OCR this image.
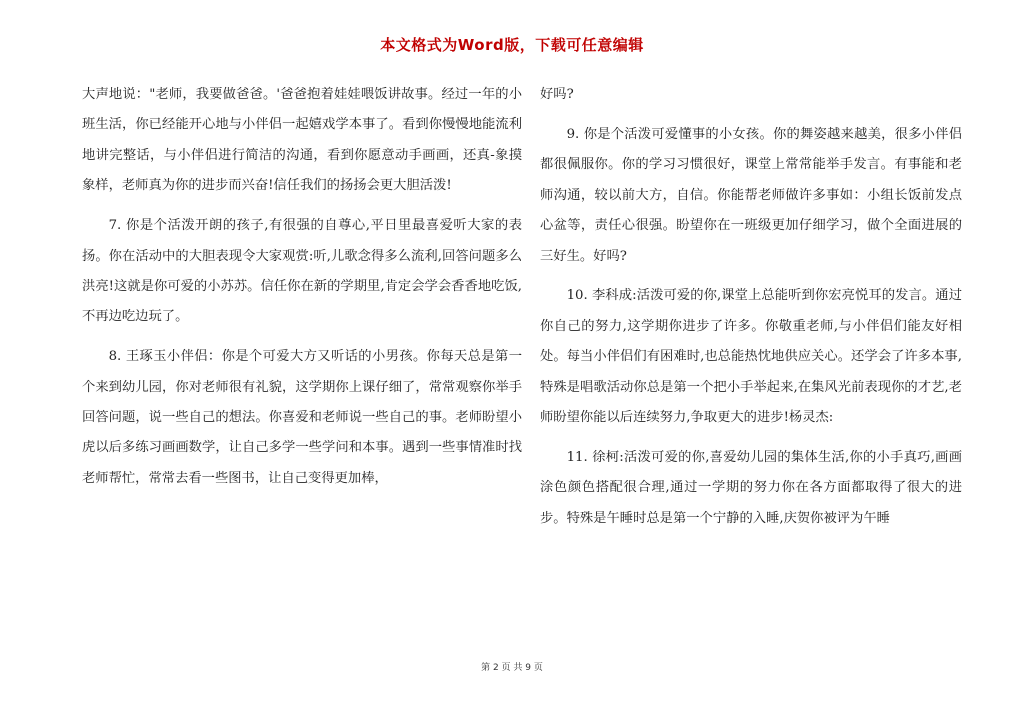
本文格式为Word版，下载可任意编辑

大声地说："老师，我要做爸爸。'爸爸抱着娃娃喂饭讲故事。经过一年的小班生活，你已经能开心地与小伴侣一起嬉戏学本事了。看到你慢慢地能流利地讲完整话，与小伴侣进行简洁的沟通，看到你愿意动手画画，还真-象摸象样，老师真为你的进步而兴奋!信任我们的扬扬会更大胆活泼!

7. 你是个活泼开朗的孩子,有很强的自尊心,平日里最喜爱听大家的表扬。你在活动中的大胆表现令大家观赏:听,儿歌念得多么流利,回答问题多么洪亮!这就是你可爱的小苏苏。信任你在新的学期里,肯定会学会香香地吃饭,不再边吃边玩了。

8. 王琢玉小伴侣：你是个可爱大方又听话的小男孩。你每天总是第一个来到幼儿园，你对老师很有礼貌，这学期你上课仔细了，常常观察你举手回答问题，说一些自己的想法。你喜爱和老师说一些自己的事。老师盼望小虎以后多练习画画数学，让自己多学一些学问和本事。遇到一些事情准时找老师帮忙，常常去看一些图书，让自己变得更加棒，

好吗?

9. 你是个活泼可爱懂事的小女孩。你的舞姿越来越美，很多小伴侣都很佩服你。你的学习习惯很好，课堂上常常能举手发言。有事能和老师沟通，较以前大方，自信。你能帮老师做许多事如：小组长饭前发点心盆等，责任心很强。盼望你在一班级更加仔细学习，做个全面进展的三好生。好吗?

10. 李科成:活泼可爱的你,课堂上总能听到你宏亮悦耳的发言。通过你自己的努力,这学期你进步了许多。你敬重老师,与小伴侣们能友好相处。每当小伴侣们有困难时,也总能热忱地供应关心。还学会了许多本事,特殊是唱歌活动你总是第一个把小手举起来,在集风光前表现你的才艺,老师盼望你能以后连续努力,争取更大的进步!杨灵杰:

11. 徐柯:活泼可爱的你,喜爱幼儿园的集体生活,你的小手真巧,画画涂色颜色搭配很合理,通过一学期的努力你在各方面都取得了很大的进步。特殊是午睡时总是第一个宁静的入睡,庆贺你被评为午睡

第 2 页 共 9 页
